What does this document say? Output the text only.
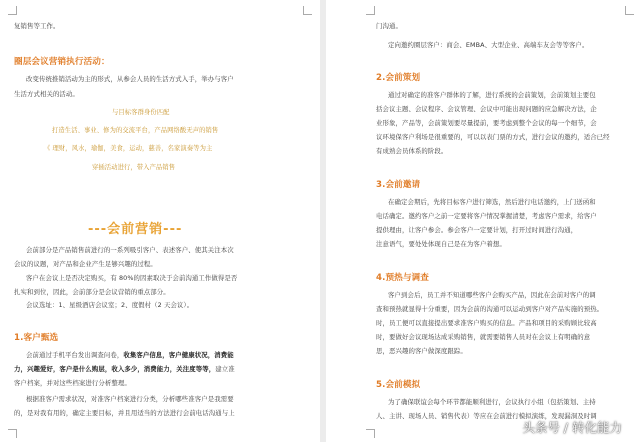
复销售等工作。
圈层会议营销执行活动：
改变传统推销活动为主的形式，从参会人员的生活方式入手，举办与客户
生活方式相关的活动。
与目标客群身份匹配
打造生活、事业、修为的交流平台，产品网络酸无声的销售
《 理财，风水，瑜伽，美食，运动，慈善，名家演奏等为主
穿插活动进行，带入产品销售
---会前营销---
会前部分是产品销售前进行的一系列吸引客户、表述客户、使其关注本次
会议的议题，对产品和企业产生足够兴趣的过程。
客户在会议上是否决定购买，有 80%的因素取决于会前沟通工作做得是否
扎实和到位，因此，会前部分是会议营销的重点部分。
会议选址：1、星级酒店会议室；2、度假村（2 天会议）。
1.客户甄选
会前通过手机平台发出调查问卷，收集客户信息，客户健康状况，消费能
力，兴趣爱好，客户是什么购层，收入多少，消费能力，关注度等等，建立准
客户档案，并对这些档案进行分析整理。
根据准客户需求状况，对准客户档案进行分类，分析哪些准客户是我需要
的，是对我有用的，确定主要目标，并且用适当的方法进行会前电话沟通与上
门沟通。
定向邀约圈层客户：商会、EMBA、大型企业、高端车友会等等客户。
2.会前策划
通过对确定的准客户群体的了解，进行系统的会前策划，会前策划主要包
括会议主题、会议程序、会议管理、会议中可能出现问题的应急解决方法，企
业形象，产品等，会前策划要尽量提前，要考虑到整个会议的每一个细节，会
议环境保客户利场是很重要的，可以以表门票的方式，进行会议的邀约，适合已经
有成熟会员体系的阶段。
3.会前邀请
在确定会期后，先将目标客户进行筛选，然后进行电话邀约，上门送函和
电话确定。邀约客户之前一定要将客户情况掌握清楚，考虑客户需求，给客户
提供理由，让客户参会。参会客户一定要计划，打开过时间进行沟通，
注意语气，要处处体现自己是在为客户着想。
4.预热与调查
客户到会后，员工并不知道哪些客户会购买产品，因此在会前对客户的调
查和预热就显得十分重要，因为会前的沟通可以运动到客户对产品实施的预热。
时，员工便可以直接提出要求准客户购买的信息。产品和项目的采购顾比较高
时，要做好会议现场达成采购销售，就需要销售人员对在会议上有明确的意
思，恶兴趣的客户做深度跟踪。
5.会前模拟
为了确保联谊会每个环节都能顺利进行，会议执行小组（包括策划、主持
人、主讲、现场人员、销售代表）等应在会前进行模拟演练，发现漏洞及时调
头条号 / 转化能力
